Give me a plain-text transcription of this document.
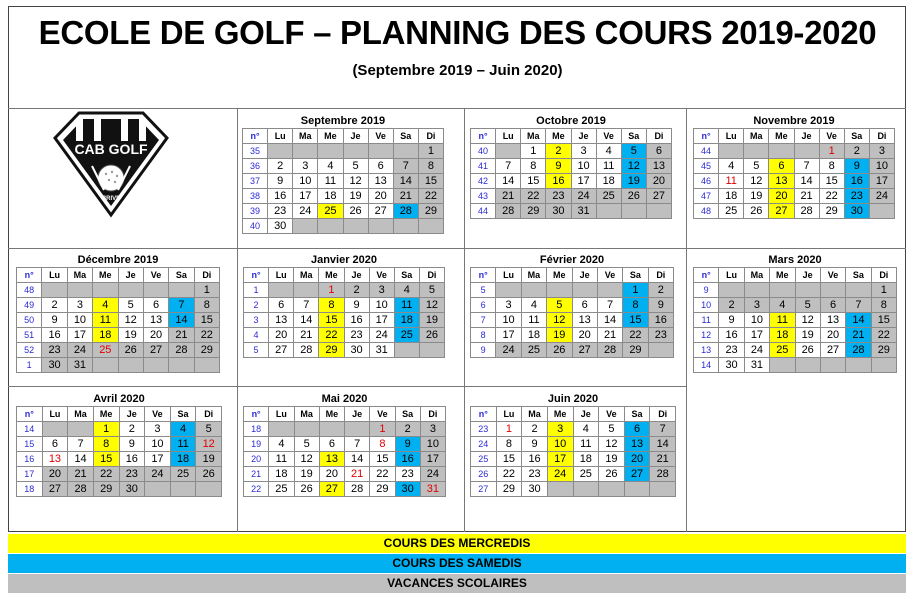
ECOLE DE GOLF – PLANNING DES COURS 2019-2020
(Septembre 2019 – Juin 2020)
CAB GOLF
BRIVE
Septembre 2019
n°	Lu	Ma	Me	Je	Ve	Sa	Di
35							1
36	2	3	4	5	6	7	8
37	9	10	11	12	13	14	15
38	16	17	18	19	20	21	22
39	23	24	25	26	27	28	29
40	30						
Octobre 2019
n°	Lu	Ma	Me	Je	Ve	Sa	Di
40		1	2	3	4	5	6
41	7	8	9	10	11	12	13
42	14	15	16	17	18	19	20
43	21	22	23	24	25	26	27
44	28	29	30	31			
Novembre 2019
n°	Lu	Ma	Me	Je	Ve	Sa	Di
44					1	2	3
45	4	5	6	7	8	9	10
46	11	12	13	14	15	16	17
47	18	19	20	21	22	23	24
48	25	26	27	28	29	30	
Décembre 2019
n°	Lu	Ma	Me	Je	Ve	Sa	Di
48							1
49	2	3	4	5	6	7	8
50	9	10	11	12	13	14	15
51	16	17	18	19	20	21	22
52	23	24	25	26	27	28	29
1	30	31					
Janvier 2020
n°	Lu	Ma	Me	Je	Ve	Sa	Di
1			1	2	3	4	5
2	6	7	8	9	10	11	12
3	13	14	15	16	17	18	19
4	20	21	22	23	24	25	26
5	27	28	29	30	31		
Février 2020
n°	Lu	Ma	Me	Je	Ve	Sa	Di
5						1	2
6	3	4	5	6	7	8	9
7	10	11	12	13	14	15	16
8	17	18	19	20	21	22	23
9	24	25	26	27	28	29	
Mars 2020
n°	Lu	Ma	Me	Je	Ve	Sa	Di
9							1
10	2	3	4	5	6	7	8
11	9	10	11	12	13	14	15
12	16	17	18	19	20	21	22
13	23	24	25	26	27	28	29
14	30	31					
Avril 2020
n°	Lu	Ma	Me	Je	Ve	Sa	Di
14			1	2	3	4	5
15	6	7	8	9	10	11	12
16	13	14	15	16	17	18	19
17	20	21	22	23	24	25	26
18	27	28	29	30			
Mai 2020
n°	Lu	Ma	Me	Je	Ve	Sa	Di
18					1	2	3
19	4	5	6	7	8	9	10
20	11	12	13	14	15	16	17
21	18	19	20	21	22	23	24
22	25	26	27	28	29	30	31
Juin 2020
n°	Lu	Ma	Me	Je	Ve	Sa	Di
23	1	2	3	4	5	6	7
24	8	9	10	11	12	13	14
25	15	16	17	18	19	20	21
26	22	23	24	25	26	27	28
27	29	30					
COURS DES MERCREDIS
COURS DES SAMEDIS
VACANCES SCOLAIRES
